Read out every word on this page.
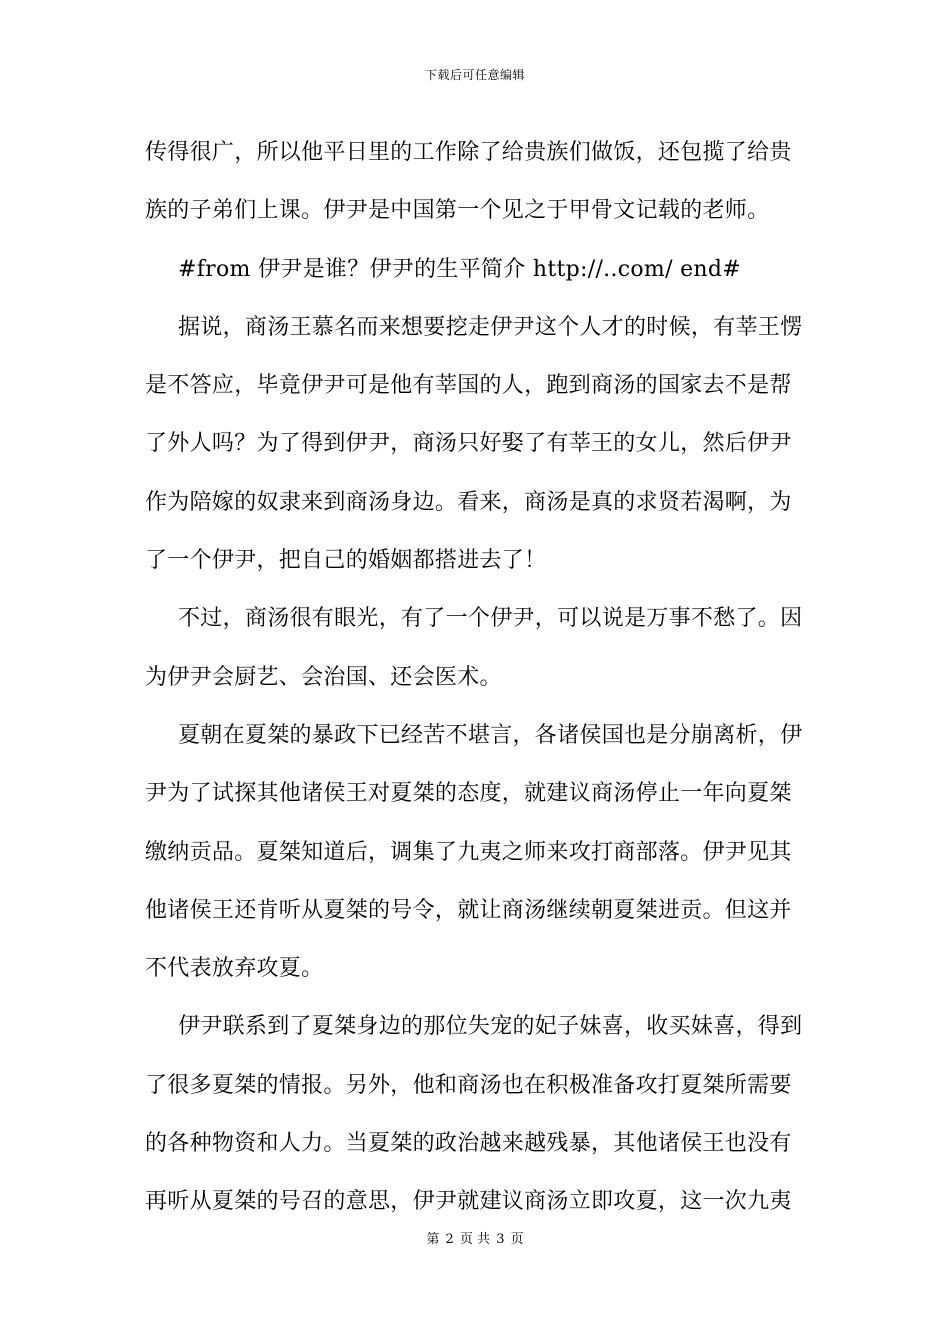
下载后可任意编辑
传得很广，所以他平日里的工作除了给贵族们做饭，还包揽了给贵
族的子弟们上课。伊尹是中国第一个见之于甲骨文记载的老师。
#from 伊尹是谁？伊尹的生平简介 http://..com/ end#
据说，商汤王慕名而来想要挖走伊尹这个人才的时候，有莘王愣
是不答应，毕竟伊尹可是他有莘国的人，跑到商汤的国家去不是帮
了外人吗？为了得到伊尹，商汤只好娶了有莘王的女儿，然后伊尹
作为陪嫁的奴隶来到商汤身边。看来，商汤是真的求贤若渴啊，为
了一个伊尹，把自己的婚姻都搭进去了！
不过，商汤很有眼光，有了一个伊尹，可以说是万事不愁了。因
为伊尹会厨艺、会治国、还会医术。
夏朝在夏桀的暴政下已经苦不堪言，各诸侯国也是分崩离析，伊
尹为了试探其他诸侯王对夏桀的态度，就建议商汤停止一年向夏桀
缴纳贡品。夏桀知道后，调集了九夷之师来攻打商部落。伊尹见其
他诸侯王还肯听从夏桀的号令，就让商汤继续朝夏桀进贡。但这并
不代表放弃攻夏。
伊尹联系到了夏桀身边的那位失宠的妃子妹喜，收买妹喜，得到
了很多夏桀的情报。另外，他和商汤也在积极准备攻打夏桀所需要
的各种物资和人力。当夏桀的政治越来越残暴，其他诸侯王也没有
再听从夏桀的号召的意思，伊尹就建议商汤立即攻夏，这一次九夷
第 2 页 共 3 页
